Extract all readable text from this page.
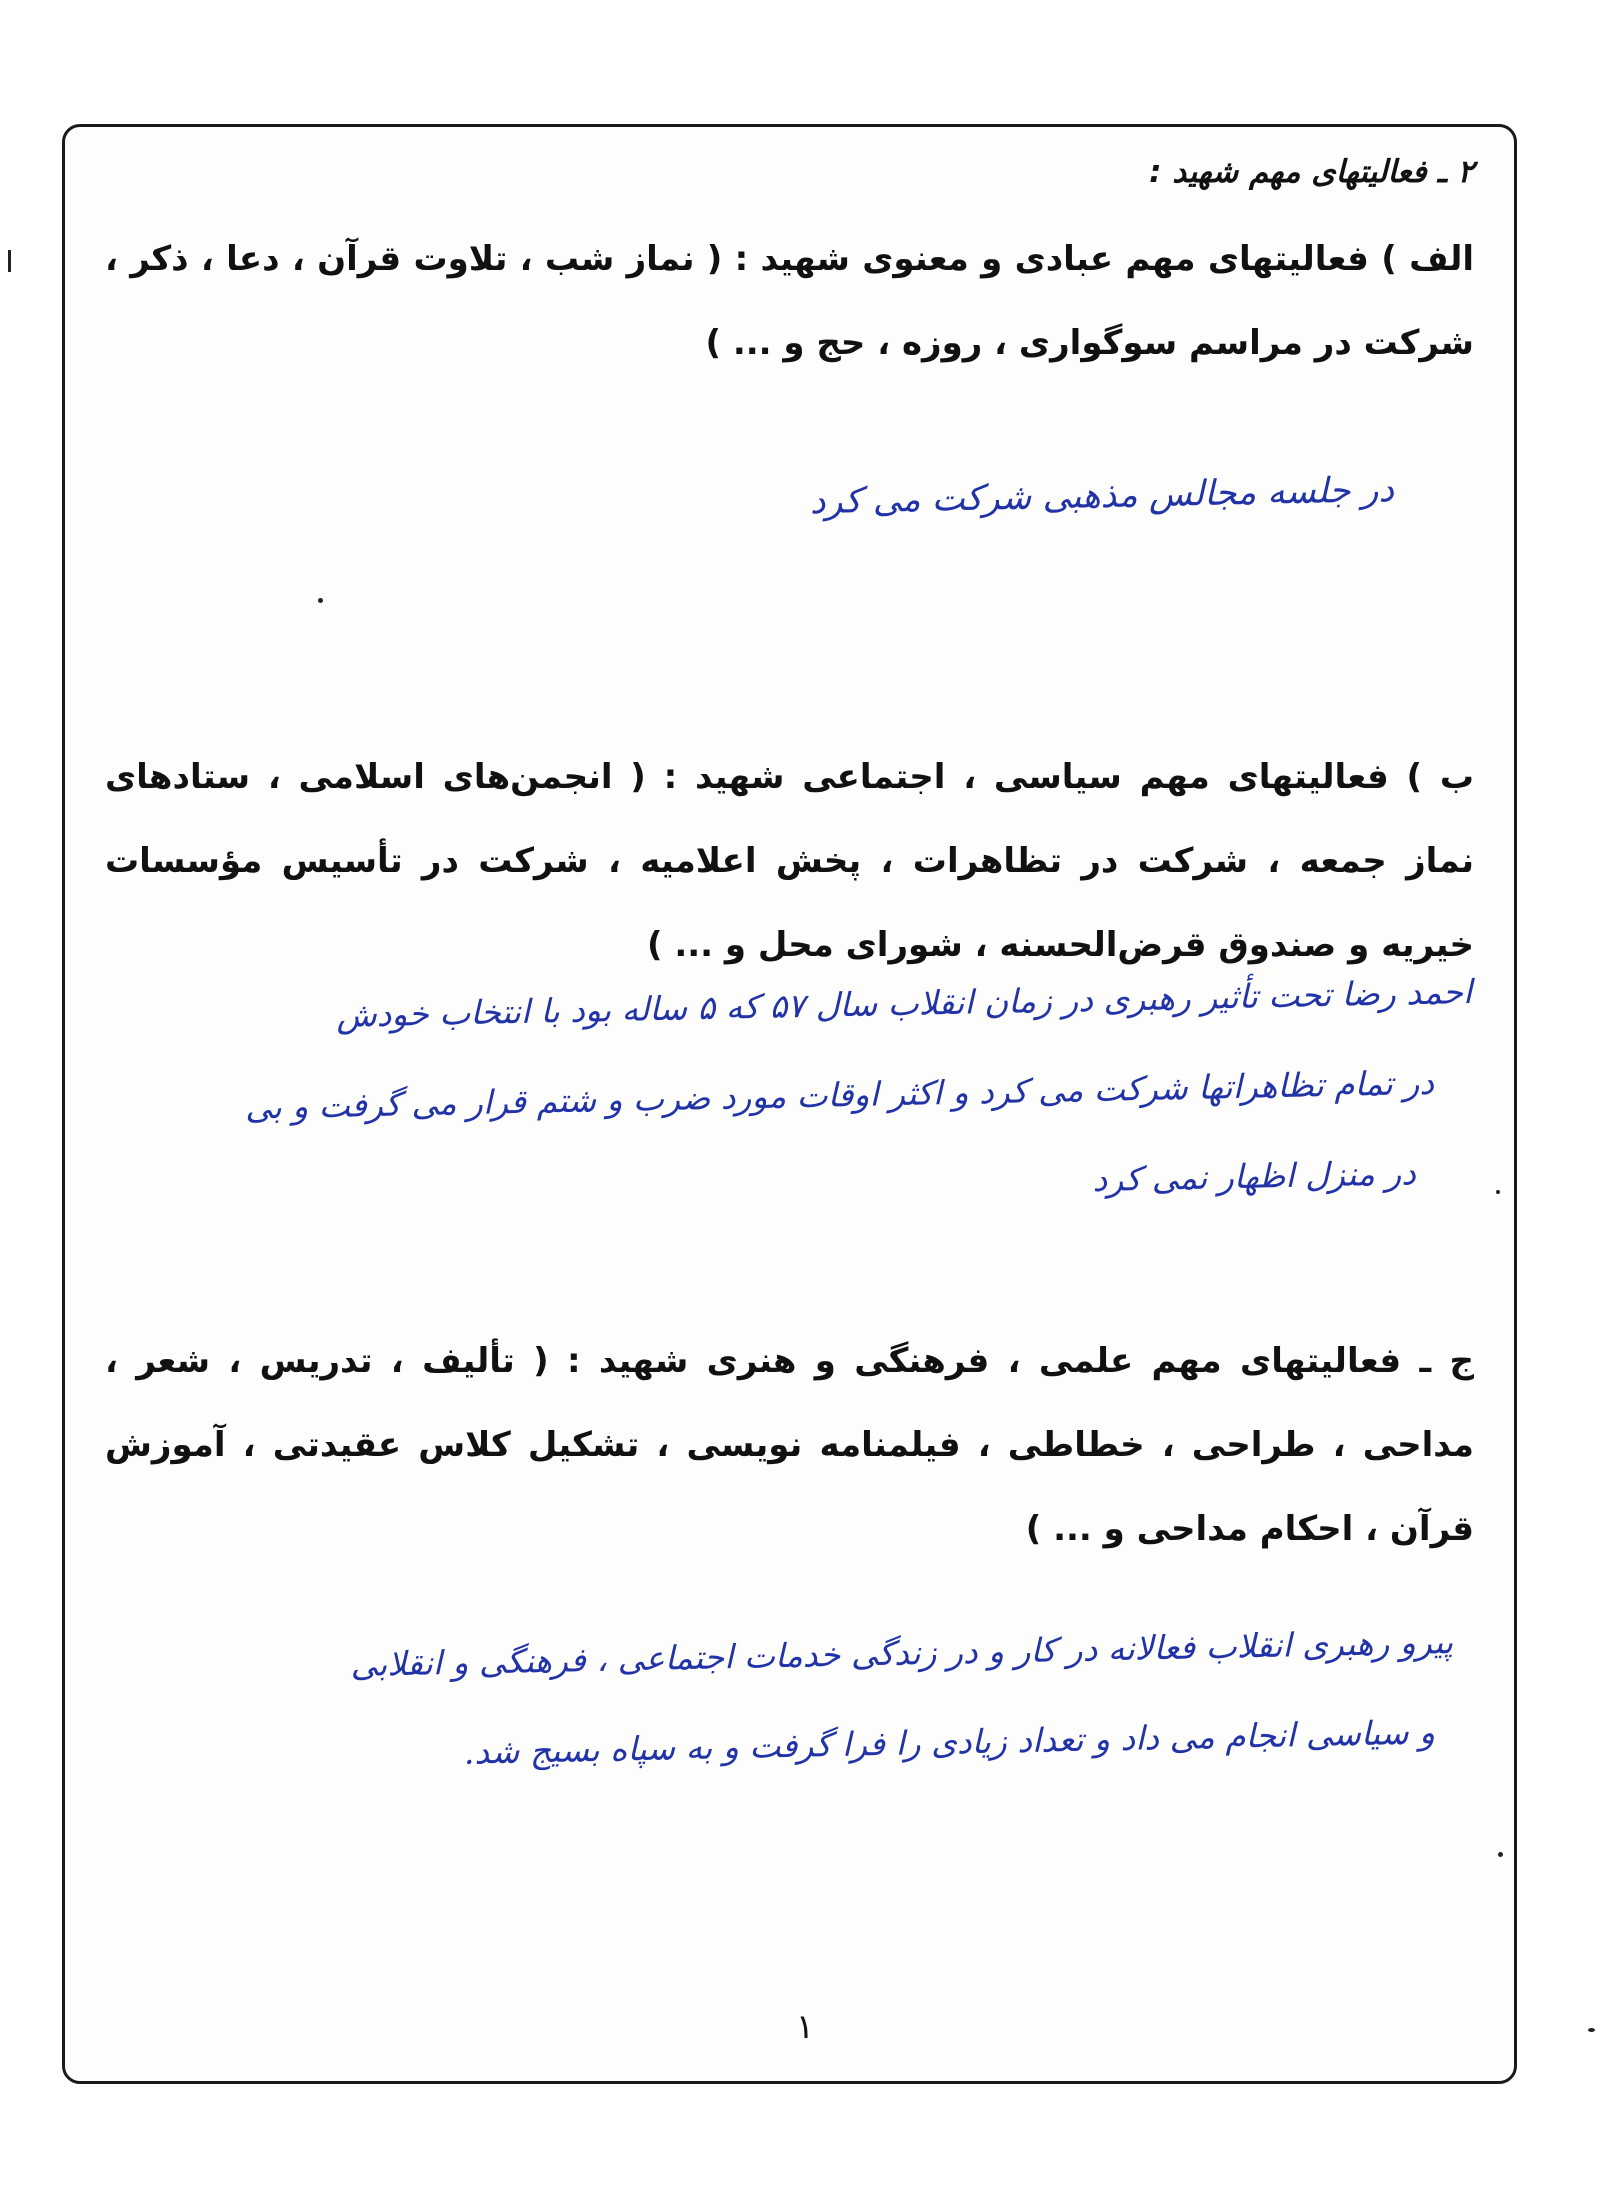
۲ ـ فعالیتهای مهم شهید :
الف ) فعالیتهای مهم عبادی و معنوی شهید : ( نماز شب ، تلاوت قرآن ، دعا ، ذکر ، شرکت در مراسم سوگواری ، روزه ، حج و ... )
در جلسه مجالس مذهبی شرکت می کرد
ب ) فعالیتهای مهم سیاسی ، اجتماعی شهید : ( انجمن‌های اسلامی ، ستادهای نماز جمعه ، شرکت در تظاهرات ، پخش اعلامیه ، شرکت در تأسیس مؤسسات خیریه و صندوق قرض‌الحسنه ، شورای محل و ... )
احمد رضا تحت تأثیر رهبری در زمان انقلاب سال ۵۷ که ۵ ساله بود با انتخاب خودش
در تمام تظاهراتها شرکت می کرد و اکثر اوقات مورد ضرب و شتم قرار می گرفت و بی
در منزل اظهار نمی کرد
ج ـ فعالیتهای مهم علمی ، فرهنگی و هنری شهید : ( تألیف ، تدریس ، شعر ، مداحی ، طراحی ، خطاطی ، فیلمنامه نویسی ، تشکیل کلاس عقیدتی ، آموزش قرآن ، احکام مداحی و ... )
پیرو رهبری انقلاب فعالانه در کار و در زندگی خدمات اجتماعی ، فرهنگی و انقلابی
و سیاسی انجام می داد و تعداد زیادی را فرا گرفت و به سپاه بسیج شد.
۱
